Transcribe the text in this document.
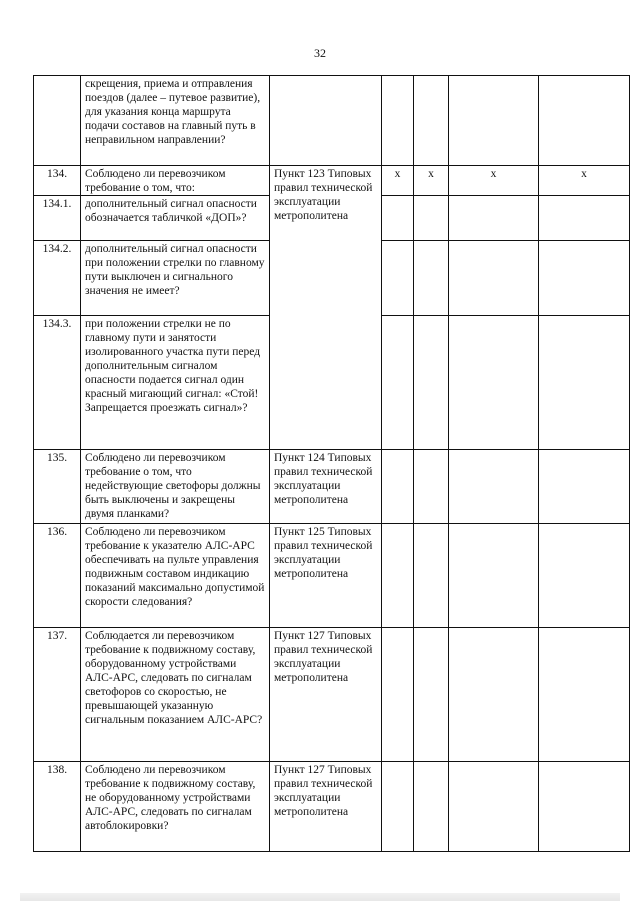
32
	скрещения, приема и отправления поездов (далее – путевое развитие), для указания конца маршрута подачи составов на главный путь в неправильном направлении?					
134.	Соблюдено ли перевозчиком требование о том, что:	Пункт 123 Типовых правил технической эксплуатации метрополитена	х	х	х	х
134.1.	дополнительный сигнал опасности обозначается табличкой «ДОП»?					
134.2.	дополнительный сигнал опасности при положении стрелки по главному пути выключен и сигнального значения не имеет?					
134.3.	при положении стрелки не по главному пути и занятости изолированного участка пути перед дополнительным сигналом опасности подается сигнал один красный мигающий сигнал: «Стой! Запрещается проезжать сигнал»?					
135.	Соблюдено ли перевозчиком требование о том, что недействующие светофоры должны быть выключены и закрещены двумя планками?	Пункт 124 Типовых правил технической эксплуатации метрополитена				
136.	Соблюдено ли перевозчиком требование к указателю АЛС-АРС обеспечивать на пульте управления подвижным составом индикацию показаний максимально допустимой скорости следования?	Пункт 125 Типовых правил технической эксплуатации метрополитена				
137.	Соблюдается ли перевозчиком требование к подвижному составу, оборудованному устройствами АЛС-АРС, следовать по сигналам светофоров со скоростью, не превышающей указанную сигнальным показанием АЛС-АРС?	Пункт 127 Типовых правил технической эксплуатации метрополитена				
138.	Соблюдено ли перевозчиком требование к подвижному составу, не оборудованному устройствами АЛС-АРС, следовать по сигналам автоблокировки?	Пункт 127 Типовых правил технической эксплуатации метрополитена				
